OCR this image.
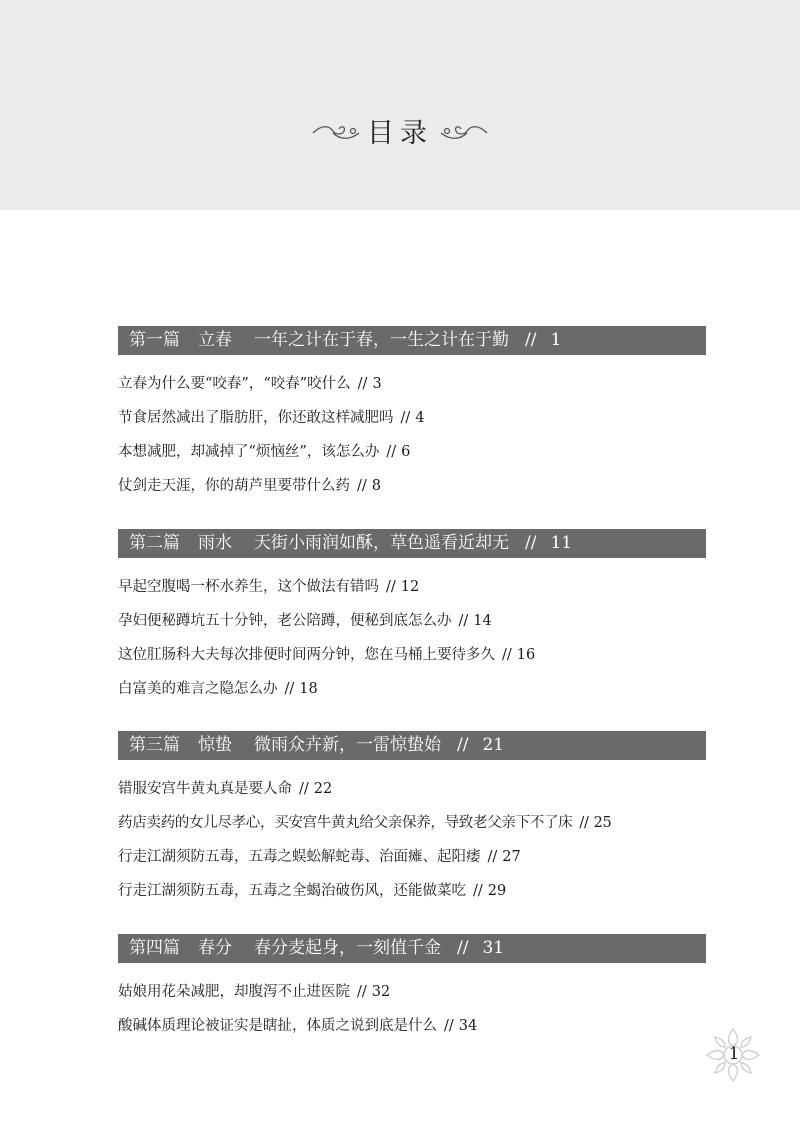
目录
第一篇 立春 一年之计在于春，一生之计在于勤 // 1
立春为什么要“咬春”，“咬春”咬什么 // 3
节食居然减出了脂肪肝，你还敢这样减肥吗 // 4
本想减肥，却减掉了“烦恼丝”，该怎么办 // 6
仗剑走天涯，你的葫芦里要带什么药 // 8
第二篇 雨水 天街小雨润如酥，草色遥看近却无 // 11
早起空腹喝一杯水养生，这个做法有错吗 // 12
孕妇便秘蹲坑五十分钟，老公陪蹲，便秘到底怎么办 // 14
这位肛肠科大夫每次排便时间两分钟，您在马桶上要待多久 // 16
白富美的难言之隐怎么办 // 18
第三篇 惊蛰 微雨众卉新，一雷惊蛰始 // 21
错服安宫牛黄丸真是要人命 // 22
药店卖药的女儿尽孝心，买安宫牛黄丸给父亲保养，导致老父亲下不了床 // 25
行走江湖须防五毒，五毒之蜈蚣解蛇毒、治面瘫、起阳痿 // 27
行走江湖须防五毒，五毒之全蝎治破伤风，还能做菜吃 // 29
第四篇 春分 春分麦起身，一刻值千金 // 31
姑娘用花朵减肥，却腹泻不止进医院 // 32
酸碱体质理论被证实是瞎扯，体质之说到底是什么 // 34
1
